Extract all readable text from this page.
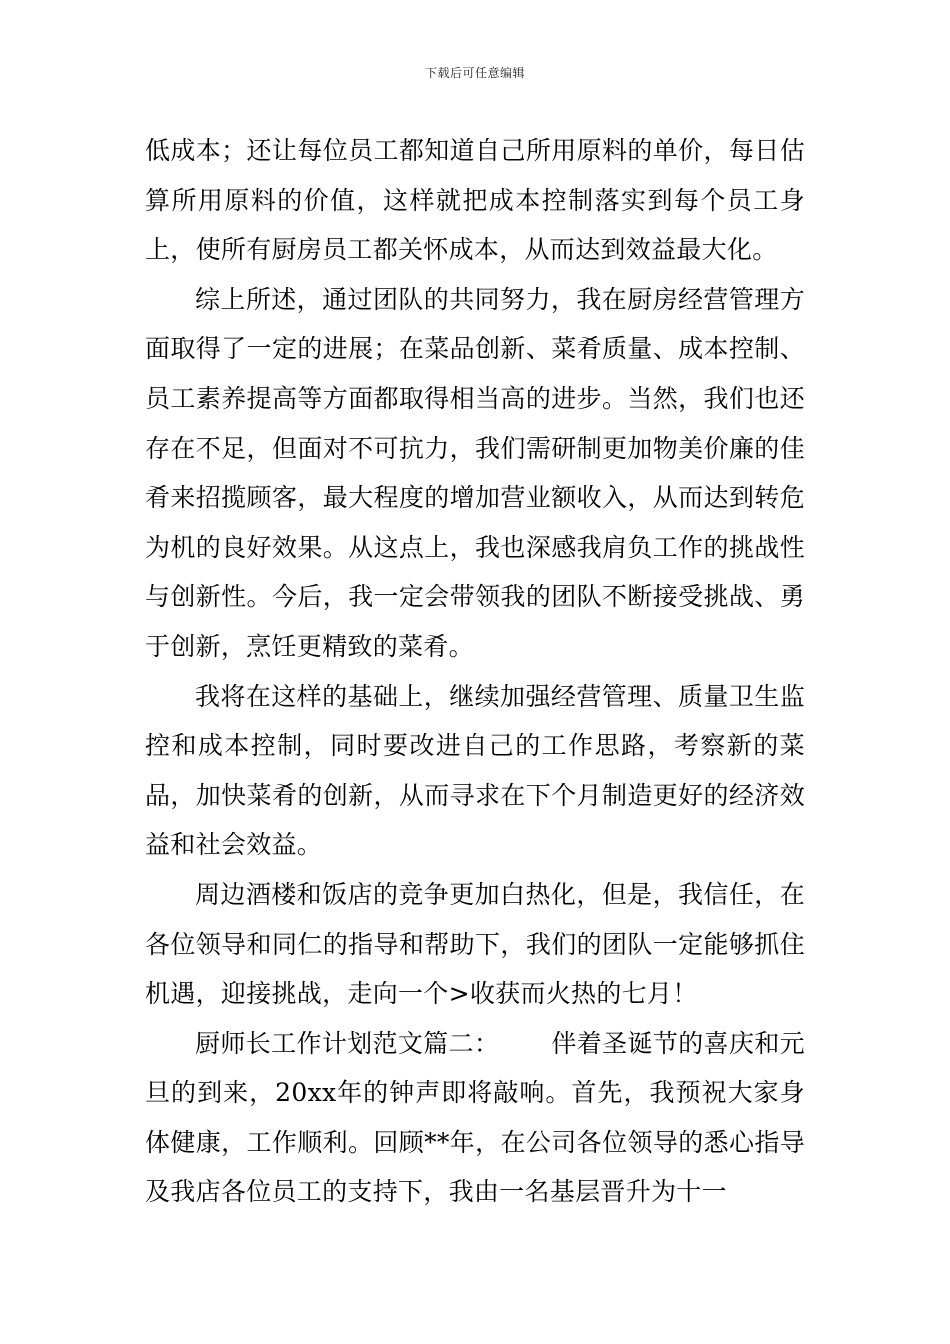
下载后可任意编辑

低成本；还让每位员工都知道自己所用原料的单价，每日估算所用原料的价值，这样就把成本控制落实到每个员工身上，使所有厨房员工都关怀成本，从而达到效益最大化。

综上所述，通过团队的共同努力，我在厨房经营管理方面取得了一定的进展；在菜品创新、菜肴质量、成本控制、员工素养提高等方面都取得相当高的进步。当然，我们也还存在不足，但面对不可抗力，我们需研制更加物美价廉的佳肴来招揽顾客，最大程度的增加营业额收入，从而达到转危为机的良好效果。从这点上，我也深感我肩负工作的挑战性与创新性。今后，我一定会带领我的团队不断接受挑战、勇于创新，烹饪更精致的菜肴。

我将在这样的基础上，继续加强经营管理、质量卫生监控和成本控制，同时要改进自己的工作思路，考察新的菜品，加快菜肴的创新，从而寻求在下个月制造更好的经济效益和社会效益。

周边酒楼和饭店的竞争更加白热化，但是，我信任，在各位领导和同仁的指导和帮助下，我们的团队一定能够抓住机遇，迎接挑战，走向一个>收获而火热的七月！

厨师长工作计划范文篇二： 伴着圣诞节的喜庆和元旦的到来，20xx年的钟声即将敲响。首先，我预祝大家身体健康，工作顺利。回顾**年，在公司各位领导的悉心指导及我店各位员工的支持下，我由一名基层晋升为十一
